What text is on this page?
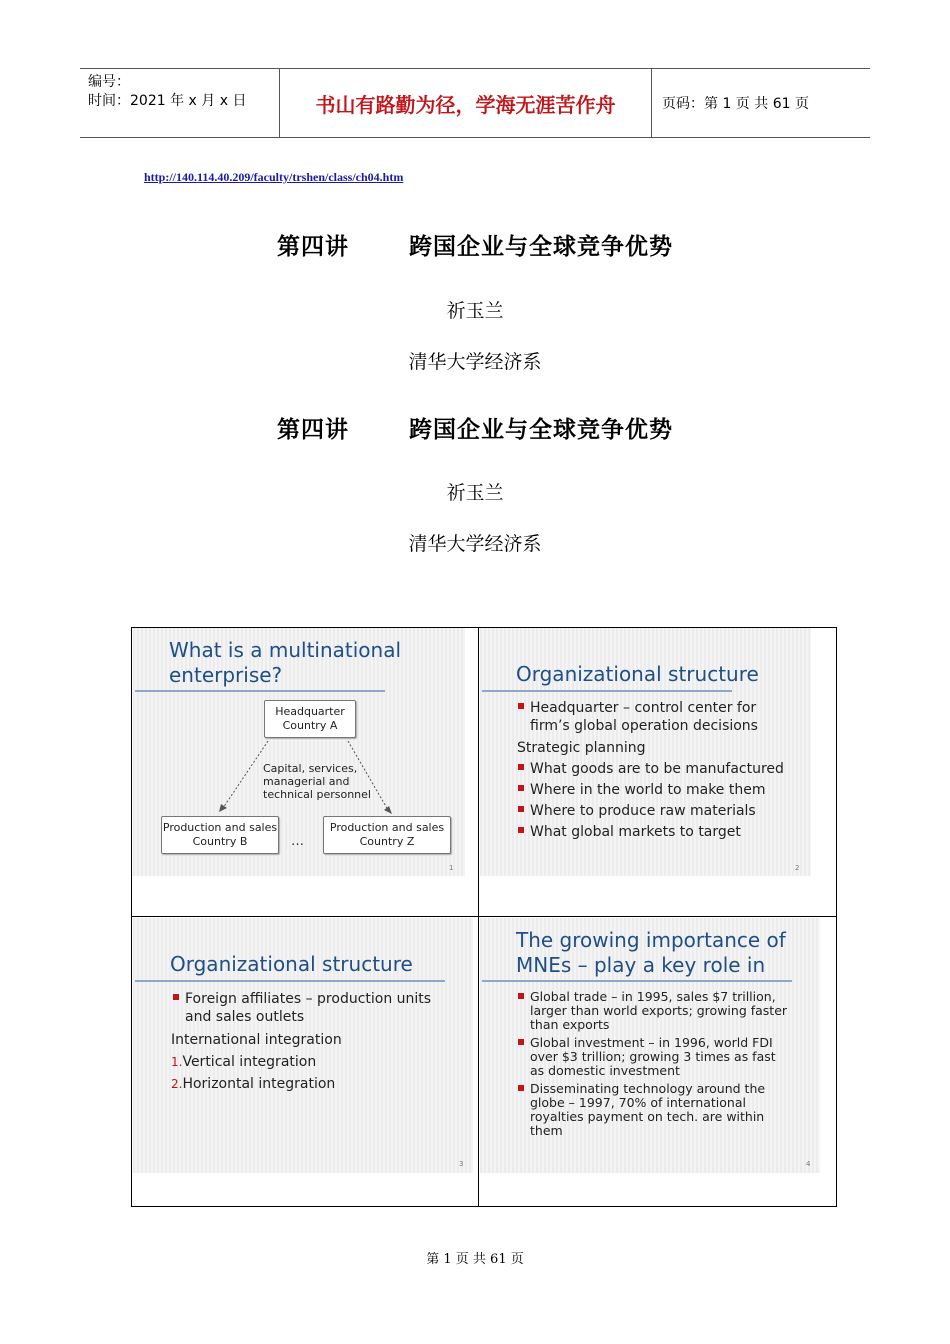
编号：
时间：2021 年 x 月 x 日	书山有路勤为径，学海无涯苦作舟	页码：第 1 页 共 61 页
http://140.114.40.209/faculty/trshen/class/ch04.htm
第四讲	跨国企业与全球竞争优势
祈玉兰
清华大学经济系
第四讲	跨国企业与全球竞争优势
祈玉兰
清华大学经济系
What is a multinational
enterprise?
Headquarter
Country A
Capital, services,
managerial and
technical personnel
Production and sales
Country B	…
Production and sales
Country Z
1
Organizational structure
Headquarter – control center for
firm’s global operation decisions
Strategic planning
What goods are to be manufactured
Where in the world to make them
Where to produce raw materials
What global markets to target
2
Organizational structure
Foreign affiliates – production units
and sales outlets
International integration
1.Vertical integration
2.Horizontal integration
3
The growing importance of
MNEs – play a key role in
Global trade – in 1995, sales $7 trillion,
larger than world exports; growing faster
than exports
Global investment – in 1996, world FDI
over $3 trillion; growing 3 times as fast
as domestic investment
Disseminating technology around the
globe – 1997, 70% of international
royalties payment on tech. are within
them
4
第 1 页 共 61 页
